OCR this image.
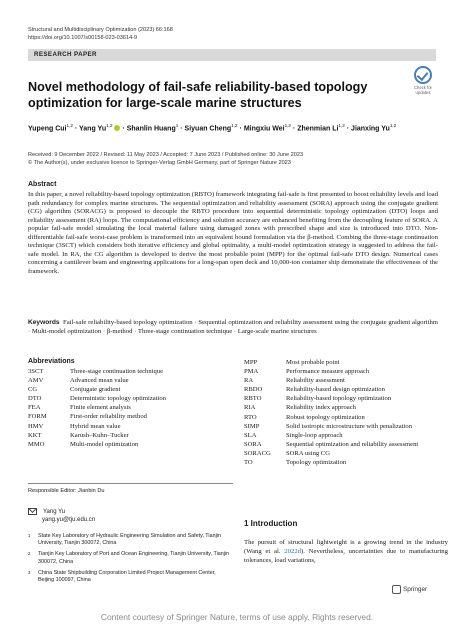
Structural and Multidisciplinary Optimization (2023) 66:168
https://doi.org/10.1007/s00158-023-03614-9
RESEARCH PAPER
Check for updates
Novel methodology of fail-safe reliability-based topology optimization for large-scale marine structures
Yupeng Cui$^{1,2}$ · Yang Yu$^{1,2}$ · Shanlin Huang$^1$ · Siyuan Cheng$^{1,2}$ · Mingxiu Wei$^{1,2}$ · Zhenmian Li$^{1,2}$ · Jianxing Yu$^{1,2}$
Received: 9 December 2022 / Revised: 11 May 2023 / Accepted: 7 June 2023 / Published online: 30 June 2023
© The Author(s), under exclusive licence to Springer-Verlag GmbH Germany, part of Springer Nature 2023
Abstract
In this paper, a novel reliability-based topology optimization (RBTO) framework integrating fail-safe is first presented to boost reliability levels and load path redundancy for complex marine structures. The sequential optimization and reliability assessment (SORA) approach using the conjugate gradient (CG) algorithm (SORACG) is proposed to decouple the RBTO procedure into sequential deterministic topology optimization (DTO) loops and reliability assessment (RA) loops. The computational efficiency and solution accuracy are enhanced benefiting from the decoupling feature of SORA. A popular fail-safe model simulating the local material failure using damaged zones with prescribed shape and size is introduced into DTO. Non-differentiable fail-safe worst-case problem is transformed into an equivalent bound formulation via the β-method. Combing the three-stage continuation technique (3SCT) which considers both iterative efficiency and global optimality, a multi-model optimization strategy is suggested to address the fail-safe model. In RA, the CG algorithm is developed to derive the most probable point (MPP) for the optimal fail-safe DTO design. Numerical cases concerning a cantilever beam and engineering applications for a long-span open deck and 10,000-ton container ship demonstrate the effectiveness of the framework.
Keywords Fail-safe reliability-based topology optimization · Sequential optimization and reliability assessment using the conjugate gradient algorithm · Multi-model optimization · β-method · Three-stage continuation technique · Large-scale marine structures
Abbreviations
3SCT	Three-stage continuation technique
AMV	Advanced mean value
CG	Conjugate gradient
DTO	Deterministic topology optimization
FEA	Finite element analysis
FORM	First-order reliability method
HMV	Hybrid mean value
KKT	Karush–Kuhn–Tucker
MMO	Multi-model optimization
MPP	Most probable point
PMA	Performance measure approach
RA	Reliability assessment
RBDO	Reliability-based design optimization
RBTO	Reliability-based topology optimization
RIA	Reliability index approach
RTO	Robust topology optimization
SIMP	Solid isotropic microstructure with penalization
SLA	Single-loop approach
SORA	Sequential optimization and reliability assessment
SORACG	SORA using CG
TO	Topology optimization
Responsible Editor: Jianbin Du
Yang Yu
yang.yu@tju.edu.cn
1	State Key Laboratory of Hydraulic Engineering Simulation and Safety, Tianjin University, Tianjin 300072, China
2	Tianjin Key Laboratory of Port and Ocean Engineering, Tianjin University, Tianjin 300072, China
3	China State Shipbuilding Corporation Limited Project Management Center, Beijing 100097, China
1 Introduction
The pursuit of structural lightweight is a growing trend in the industry (Wang et al. 2022d). Nevertheless, uncertainties due to manufacturing tolerances, load variations,
Springer
Content courtesy of Springer Nature, terms of use apply. Rights reserved.
